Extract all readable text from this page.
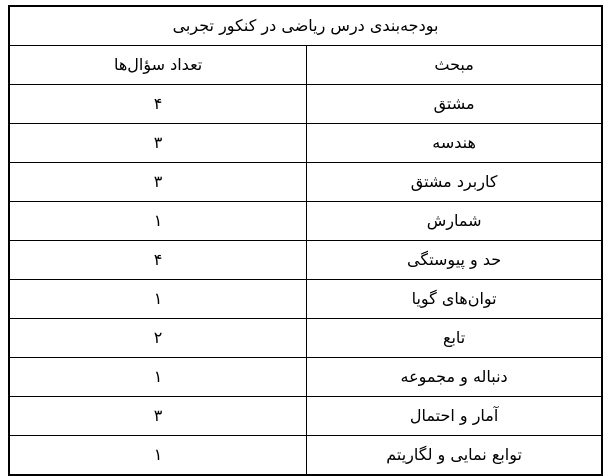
بودجه‌بندی درس ریاضی در کنکور تجربی	
مبحث	تعداد سؤال‌ها
مشتق	۴
هندسه	۳
کاربرد مشتق	۳
شمارش	۱
حد و پیوستگی	۴
توان‌های گویا	۱
تابع	۲
دنباله و مجموعه	۱
آمار و احتمال	۳
توابع نمایی و لگاریتم	۱
